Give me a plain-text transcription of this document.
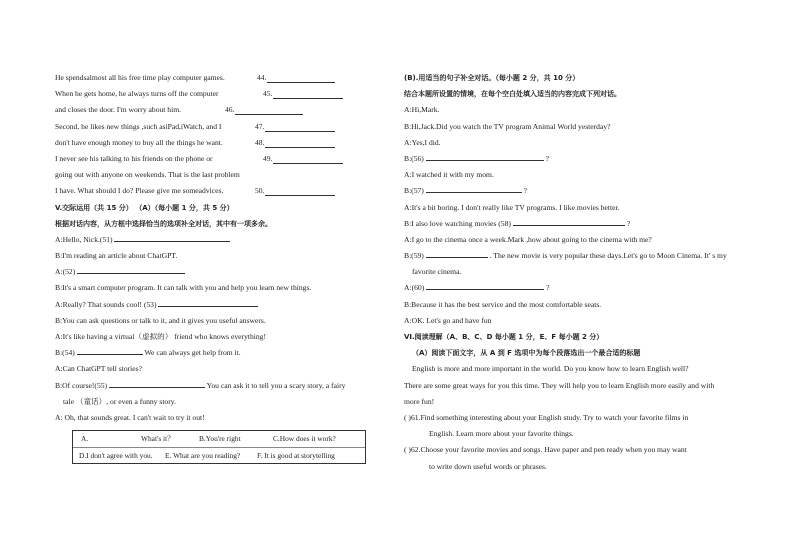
He spendsalmost all his free time play computer games.	44.
When he gets home, he always turns off the computer	45.
and closes the door. I'm worry about him.	46.
Second, he likes new things ,such asiPad,iWatch, and I	47.
don't have enough money to buy all the things he want.	48.
I never see his talking to his friends on the phone or	49.
going out with anyone on weekends. That is the last problem
I have. What should I do? Please give me someadvices.	50.
V.交际运用（共 15 分） （A）（每小题 1 分，共 5 分）
根据对话内容，从方框中选择恰当的选项补全对话，其中有一项多余。
A:Hello, Nick.(51)
B:I'm reading an article about ChatGPT.
A:(52)
B:It's a smart computer program. It can talk with you and help you learn new things.
A:Really? That sounds cool! (53)
B:You can ask questions or talk to it, and it gives you useful answers.
A:It's like having a virtual（虚拟的） friend who knows everything!
B:(54)	We can always get help from it.
A:Can ChatGPT tell stories?
B:Of course!(55)	You can ask it to tell you a scary story, a fairy
tale （童话）, or even a funny story.
A: Oh, that sounds great. I can't wait to try it out!
A.	What's it？	B.You're right	C.How does it work?
D.I don't agree with you. E. What are you reading? F. It is good at storytelling
(B).用适当的句子补全对话。（每小题 2 分，共 10 分）
结合本题所设置的情境，在每个空白处填入适当的内容完成下列对话。
A:Hi,Mark.
B:Hi,Jack.Did you watch the TV program Animal World yesterday?
A:Yes,I did.
B:(56)	?
A:I watched it with my mom.
B:(57)	?
A:It's a bit boring. I don't really like TV programs. I like movies better.
B:I also love watching movies (58)	?
A:I go to the cinema once a week.Mark ,how about going to the cinema with me?
B:(59)	. The new movie is very popular these days.Let's go to Moon Cinema. It' s my
favorite cinema.
A:(60)	?
B:Because it has the best service and the most comfortable seats.
A:OK. Let's go and have fun
VI.阅读理解（A、B、C、D 每小题 1 分，E、F 每小题 2 分）
（A）阅读下面文字，从 A 到 F 选项中为每个段落选出一个最合适的标题
English is more and more important in the world. Do you know how to learn English well?
There are some great ways for you this time. They will help you to learn English more easily and with
more fun!
( )61.Find something interesting about your English study. Try to watch your favorite films in
English. Learn more about your favorite things.
( )62.Choose your favorite movies and songs. Have paper and pen ready when you may want
to write down useful words or phrases.
